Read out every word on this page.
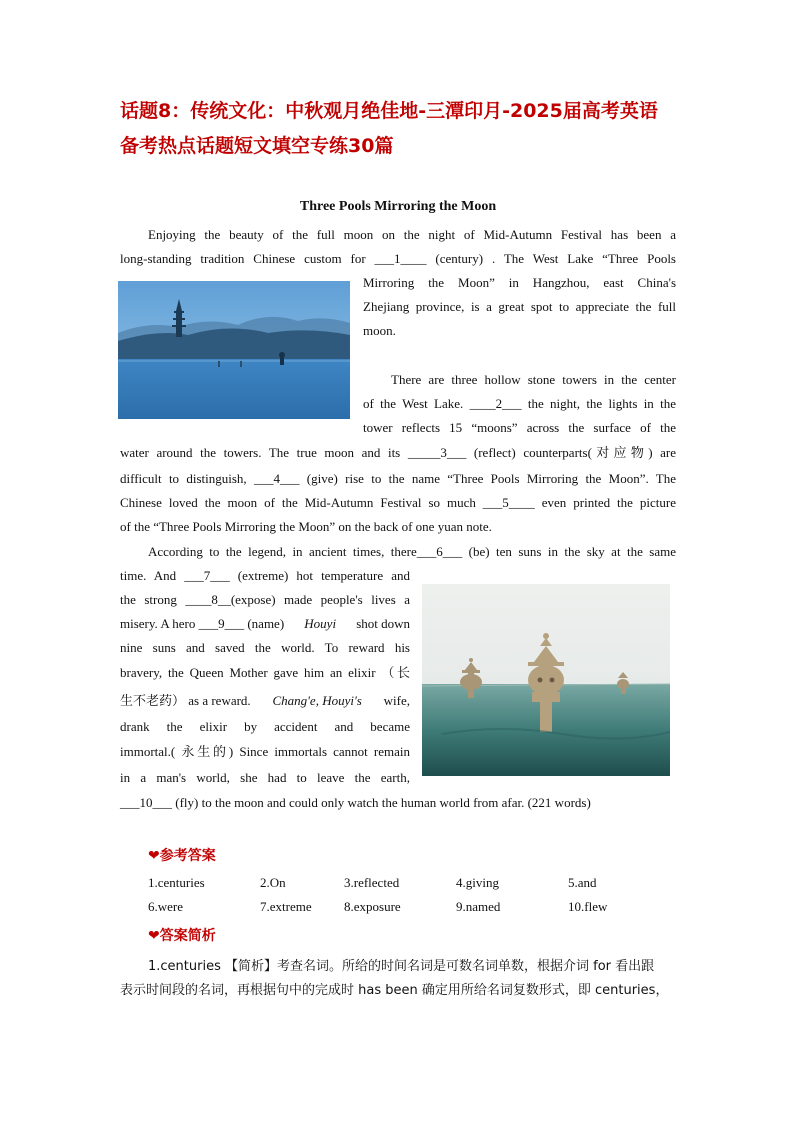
话题8：传统文化：中秋观月绝佳地-三潭印月-2025届高考英语
备考热点话题短文填空专练30篇
Three Pools Mirroring the Moon
Enjoying the beauty of the full moon on the night of Mid-Autumn Festival has been a
long-standing tradition Chinese custom for ___1____ (century) . The West Lake “Three Pools
Mirroring the Moon” in Hangzhou, east China's
Zhejiang province, is a great spot to appreciate the full
moon.
There are three hollow stone towers in the center
of the West Lake. ____2___ the night, the lights in the
tower reflects 15 “moons” across the surface of the
water around the towers. The true moon and its _____3___ (reflect) counterparts(对应物) are
difficult to distinguish, ___4___ (give) rise to the name “Three Pools Mirroring the Moon”. The
Chinese loved the moon of the Mid-Autumn Festival so much ___5____ even printed the picture
of the “Three Pools Mirroring the Moon” on the back of one yuan note.
According to the legend, in ancient times, there___6___ (be) ten suns in the sky at the same
time. And ___7___ (extreme) hot temperature and
the strong ____8__(expose) made people's lives a
misery. A hero ___9___ (name) Houyi shot down
nine suns and saved the world. To reward his
bravery, the Queen Mother gave him an elixir （长
生不老药） as a reward. Chang'e, Houyi's wife,
drank the elixir by accident and became
immortal.( 永生的) Since immortals cannot remain
in a man's world, she had to leave the earth,
___10___ (fly) to the moon and could only watch the human world from afar. (221 words)
❤参考答案
1.centuries	2.On	3.reflected	4.giving	5.and
6.were	7.extreme 8.exposure	9.named	10.flew
❤答案简析
1.centuries 【简析】考查名词。所给的时间名词是可数名词单数，根据介词 for 看出跟
表示时间段的名词，再根据句中的完成时 has been 确定用所给名词复数形式，即 centuries，
